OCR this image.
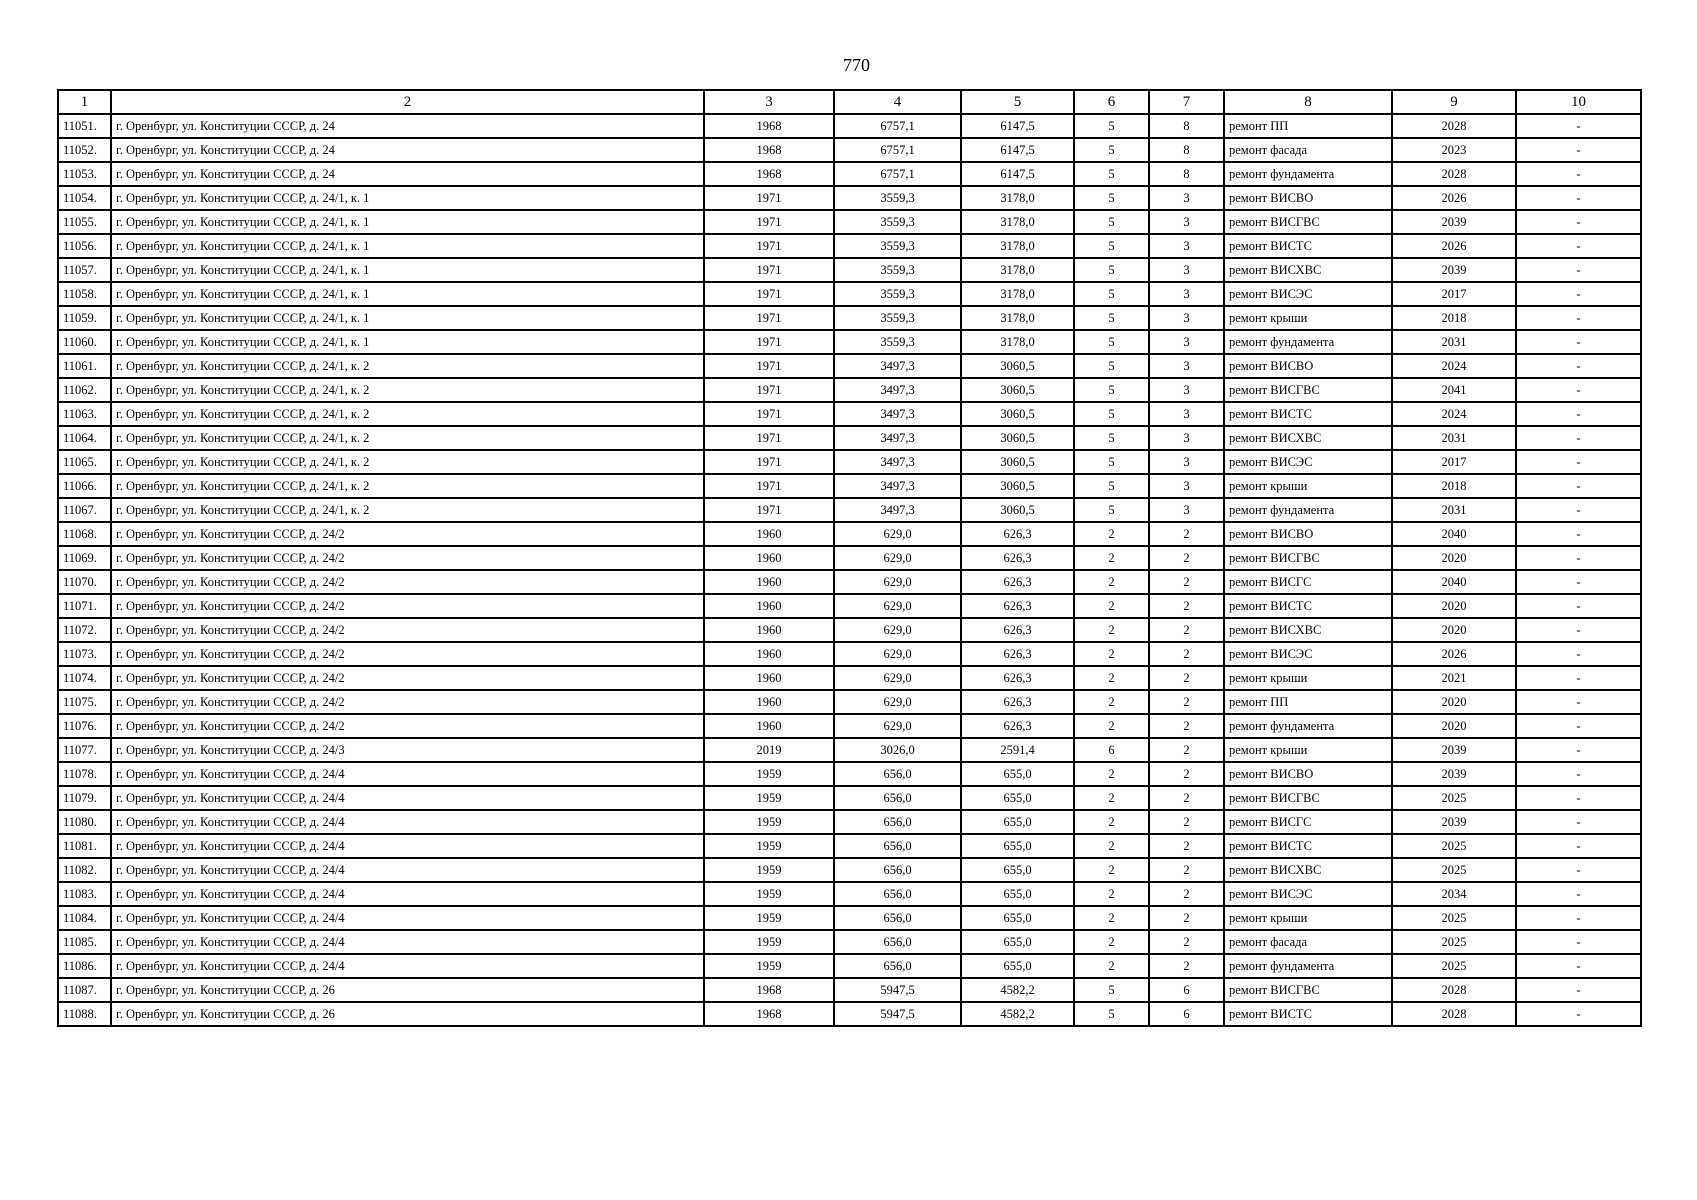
770
1	2	3	4	5	6	7	8	9	10
11051.	г. Оренбург, ул. Конституции СССР, д. 24	1968	6757,1	6147,5	5	8	ремонт ПП	2028	-
11052.	г. Оренбург, ул. Конституции СССР, д. 24	1968	6757,1	6147,5	5	8	ремонт фасада	2023	-
11053.	г. Оренбург, ул. Конституции СССР, д. 24	1968	6757,1	6147,5	5	8	ремонт фундамента	2028	-
11054.	г. Оренбург, ул. Конституции СССР, д. 24/1, к. 1	1971	3559,3	3178,0	5	3	ремонт ВИСВО	2026	-
11055.	г. Оренбург, ул. Конституции СССР, д. 24/1, к. 1	1971	3559,3	3178,0	5	3	ремонт ВИСГВС	2039	-
11056.	г. Оренбург, ул. Конституции СССР, д. 24/1, к. 1	1971	3559,3	3178,0	5	3	ремонт ВИСТС	2026	-
11057.	г. Оренбург, ул. Конституции СССР, д. 24/1, к. 1	1971	3559,3	3178,0	5	3	ремонт ВИСХВС	2039	-
11058.	г. Оренбург, ул. Конституции СССР, д. 24/1, к. 1	1971	3559,3	3178,0	5	3	ремонт ВИСЭС	2017	-
11059.	г. Оренбург, ул. Конституции СССР, д. 24/1, к. 1	1971	3559,3	3178,0	5	3	ремонт крыши	2018	-
11060.	г. Оренбург, ул. Конституции СССР, д. 24/1, к. 1	1971	3559,3	3178,0	5	3	ремонт фундамента	2031	-
11061.	г. Оренбург, ул. Конституции СССР, д. 24/1, к. 2	1971	3497,3	3060,5	5	3	ремонт ВИСВО	2024	-
11062.	г. Оренбург, ул. Конституции СССР, д. 24/1, к. 2	1971	3497,3	3060,5	5	3	ремонт ВИСГВС	2041	-
11063.	г. Оренбург, ул. Конституции СССР, д. 24/1, к. 2	1971	3497,3	3060,5	5	3	ремонт ВИСТС	2024	-
11064.	г. Оренбург, ул. Конституции СССР, д. 24/1, к. 2	1971	3497,3	3060,5	5	3	ремонт ВИСХВС	2031	-
11065.	г. Оренбург, ул. Конституции СССР, д. 24/1, к. 2	1971	3497,3	3060,5	5	3	ремонт ВИСЭС	2017	-
11066.	г. Оренбург, ул. Конституции СССР, д. 24/1, к. 2	1971	3497,3	3060,5	5	3	ремонт крыши	2018	-
11067.	г. Оренбург, ул. Конституции СССР, д. 24/1, к. 2	1971	3497,3	3060,5	5	3	ремонт фундамента	2031	-
11068.	г. Оренбург, ул. Конституции СССР, д. 24/2	1960	629,0	626,3	2	2	ремонт ВИСВО	2040	-
11069.	г. Оренбург, ул. Конституции СССР, д. 24/2	1960	629,0	626,3	2	2	ремонт ВИСГВС	2020	-
11070.	г. Оренбург, ул. Конституции СССР, д. 24/2	1960	629,0	626,3	2	2	ремонт ВИСГС	2040	-
11071.	г. Оренбург, ул. Конституции СССР, д. 24/2	1960	629,0	626,3	2	2	ремонт ВИСТС	2020	-
11072.	г. Оренбург, ул. Конституции СССР, д. 24/2	1960	629,0	626,3	2	2	ремонт ВИСХВС	2020	-
11073.	г. Оренбург, ул. Конституции СССР, д. 24/2	1960	629,0	626,3	2	2	ремонт ВИСЭС	2026	-
11074.	г. Оренбург, ул. Конституции СССР, д. 24/2	1960	629,0	626,3	2	2	ремонт крыши	2021	-
11075.	г. Оренбург, ул. Конституции СССР, д. 24/2	1960	629,0	626,3	2	2	ремонт ПП	2020	-
11076.	г. Оренбург, ул. Конституции СССР, д. 24/2	1960	629,0	626,3	2	2	ремонт фундамента	2020	-
11077.	г. Оренбург, ул. Конституции СССР, д. 24/3	2019	3026,0	2591,4	6	2	ремонт крыши	2039	-
11078.	г. Оренбург, ул. Конституции СССР, д. 24/4	1959	656,0	655,0	2	2	ремонт ВИСВО	2039	-
11079.	г. Оренбург, ул. Конституции СССР, д. 24/4	1959	656,0	655,0	2	2	ремонт ВИСГВС	2025	-
11080.	г. Оренбург, ул. Конституции СССР, д. 24/4	1959	656,0	655,0	2	2	ремонт ВИСГС	2039	-
11081.	г. Оренбург, ул. Конституции СССР, д. 24/4	1959	656,0	655,0	2	2	ремонт ВИСТС	2025	-
11082.	г. Оренбург, ул. Конституции СССР, д. 24/4	1959	656,0	655,0	2	2	ремонт ВИСХВС	2025	-
11083.	г. Оренбург, ул. Конституции СССР, д. 24/4	1959	656,0	655,0	2	2	ремонт ВИСЭС	2034	-
11084.	г. Оренбург, ул. Конституции СССР, д. 24/4	1959	656,0	655,0	2	2	ремонт крыши	2025	-
11085.	г. Оренбург, ул. Конституции СССР, д. 24/4	1959	656,0	655,0	2	2	ремонт фасада	2025	-
11086.	г. Оренбург, ул. Конституции СССР, д. 24/4	1959	656,0	655,0	2	2	ремонт фундамента	2025	-
11087.	г. Оренбург, ул. Конституции СССР, д. 26	1968	5947,5	4582,2	5	6	ремонт ВИСГВС	2028	-
11088.	г. Оренбург, ул. Конституции СССР, д. 26	1968	5947,5	4582,2	5	6	ремонт ВИСТС	2028	-
